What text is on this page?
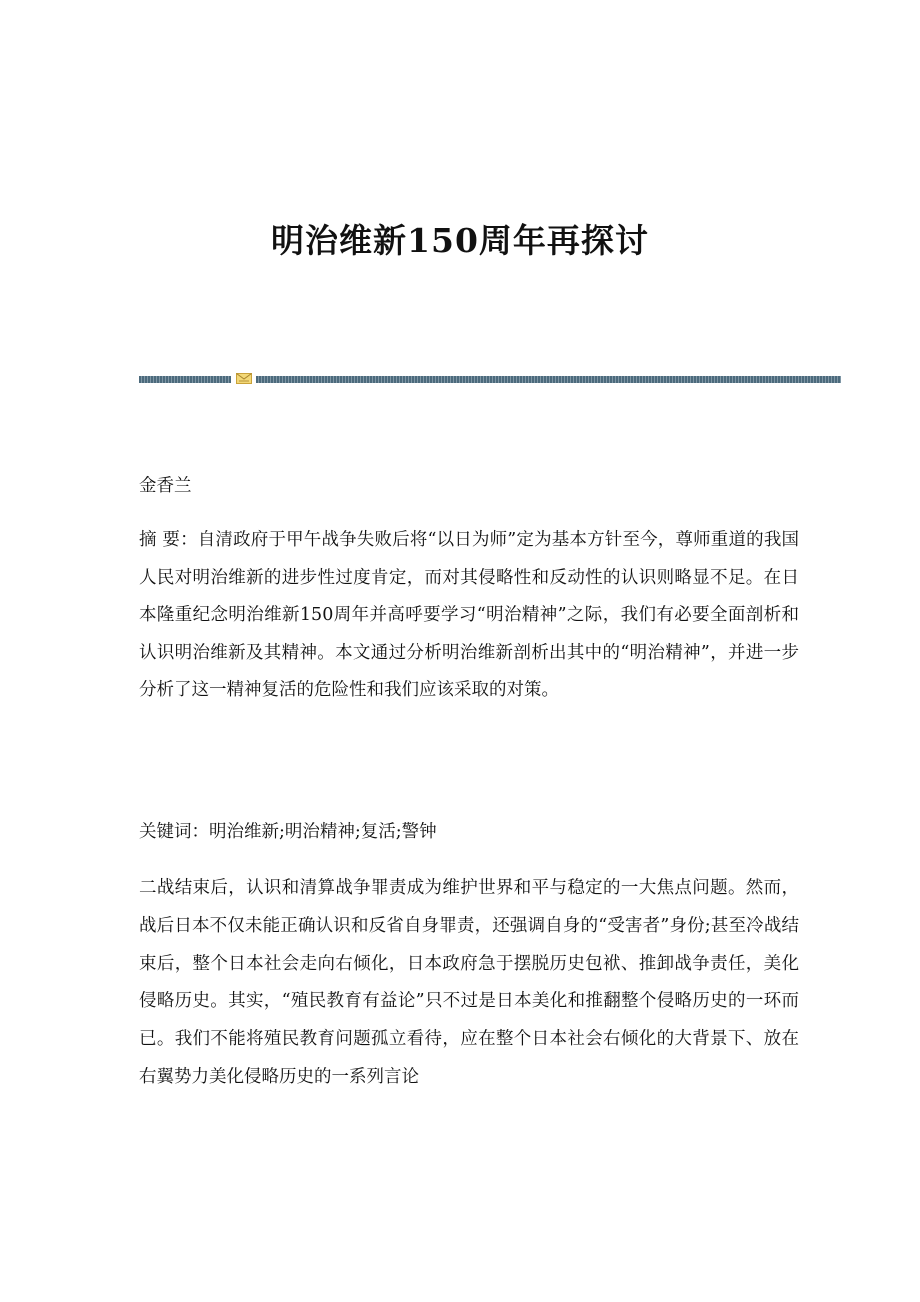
明治维新150周年再探讨

金香兰

摘 要：自清政府于甲午战争失败后将“以日为师”定为基本方针至今，尊师重道的我国人民对明治维新的进步性过度肯定，而对其侵略性和反动性的认识则略显不足。在日本隆重纪念明治维新150周年并高呼要学习“明治精神”之际，我们有必要全面剖析和认识明治维新及其精神。本文通过分析明治维新剖析出其中的“明治精神”，并进一步分析了这一精神复活的危险性和我们应该采取的对策。

关键词：明治维新;明治精神;复活;警钟

二战结束后，认识和清算战争罪责成为维护世界和平与稳定的一大焦点问题。然而，战后日本不仅未能正确认识和反省自身罪责，还强调自身的“受害者”身份;甚至冷战结束后，整个日本社会走向右倾化，日本政府急于摆脱历史包袱、推卸战争责任，美化侵略历史。其实，“殖民教育有益论”只不过是日本美化和推翻整个侵略历史的一环而已。我们不能将殖民教育问题孤立看待，应在整个日本社会右倾化的大背景下、放在右翼势力美化侵略历史的一系列言论
